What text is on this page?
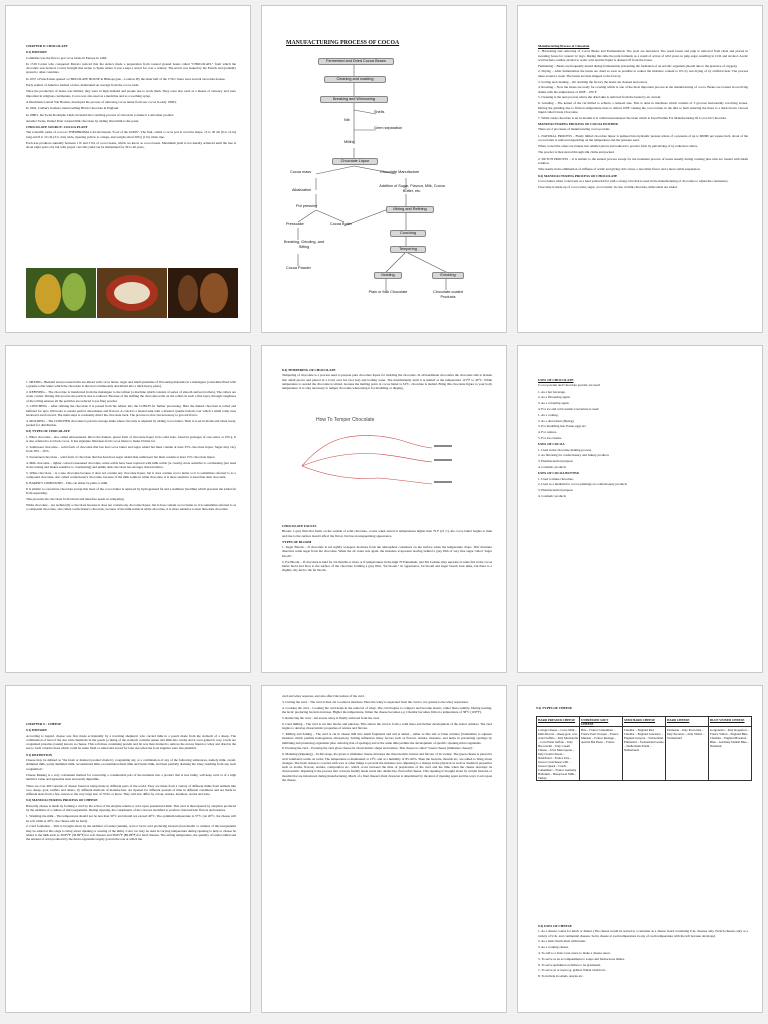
CHAPTER 8: CHOCOLATE
8.1) HISTORY

Columbus was the first to get cocoa beans in Europe in 1494.

In 1519 Cortez who conquered Mexico noticed that the Aztecs made a preparation from roasted ground beans called "CHOCOLATL" from which the chocolate was derived. Cortez brought this recipe to Spain where it was a kept a secret for over a century. The secret was leaked by the French and gradually spread to other countries.

In 1657 a French man opened a CHOCOLATE HOUSE in Bishops gate – London. By the latter half of the 17th C there were several chocolate houses.

Early settlers of America formed a labor, maintained an average from the cocoa trade.

Since the production of beans was limited, they were in high demand and people use to stock them. They were also used as a means of currency and were important in religious ceremonies. Cocoa was also used as a medicine and as a soothing syrup.

A Dutchman Conrad Van Houten, developed the process of removing cocoa butter from raw cocoa in early 1800's.

In 1842, Cadbury brothers started selling Block Chocolate in England.

In 1880's, the Swiss Rodolphe Lindt, invented the Conching process of chocolate to make it a smoother product.

Another Swiss, Daniel Peter created milk chocolate by adding dried milk to the paste.

CHOCOLATE SOURCE: COCOA PLANT

The scientific name of cocoa is THEOBROMA CACAO means "food of the GODS". The fruit, called a cocoa pod is ovoid in shape, 15 to 30 cm (6 to 12 in) long and 8 to 10 cm (3 to 4 in) wide, ripening yellow to orange, and weighs about 500 g (1 lb) when ripe.

Each tree produces annually between 1 lb and 3 lbs of cocoa beans, which we know as cocoa beans. Maximum yield is not usually achieved until the tree is about eight years old, but with proper care this yield can be maintained for 30 to 40 years.

MANUFACTURING PROCESS OF COCOA
Fermented and Dried Cocoa Beans
Cleaning and roasting
Breaking and Winnowing
Shells
Nib
Germ separation
Milling
Chocolate Liquor
Cocoa mass	Chocolate Manufacture
Alkalization
Addition of Sugar, Flavour, Milk, Cocoa Butter, etc.
Pot pressing
Mixing and Refining
Presscake	Cocoa Butter
Conching
Breaking, Grinding, and Sifting	Tempering
Cocoa Powder
Molding	Enrobing
Plain or Milk Chocolate	Chocolate-coated Products
Manufacturing Process of Chocolate
1. Harvesting and removing of Cocoa Beans and Fermentation: The pods are harvested. The seeds beans and pulp is removed from rinds and placed in sweating boxes for around 12 days. During this time the pulp ferments as a result of action of wild yeast on pulp sugar resulting in CO2 and alcohol. Acetic acid bacteria oxidize alcohol to acetic acid and the liquid is drained off from the boxes.
Fermenting – Beans are frequently turned during fermentation preventing the formation of an aerobic organism (mould due to the presence of oxygen).
2. Drying – After fermentation the beans are dried as soon as possible to reduce the moisture content to 6% by sun drying of by artificial heat. The process takes around a week. The beans are then shipped to the factory.
3. Sorting and cleaning – On reaching the factory the beans are cleaned and sorted.
4. Roasting – Now the beans are ready for roasting which is one of the most important process in the manufacturing of cocoa. Beans are roasted in revolving drums with the temperature of 200F – 250 F.
5. Cleaning is the next process where the dried skin is removed from the beans by air current.
6. Grinding – The kernel of the cut milled to achieve a reduced size. This is done in machines which consists of 3 grooves horizontally revolving stones. During the grinding due to friction temperature rises to almost 100F causing the cocoa butter in the nibs to melt reducing the mass to a thick brown viscous liquid called Crude Chocolate.
7. While crude chocolate is set in moulds it is called unsweetened chocolate which is Used Further For Manufacturing Of Cocoa Or Chocolate.
MANUFACTURING PROCESS OF COCOA POWDER

There are 2 processes of manufacturing cocoa powder.

1. NATURAL PROCESS – Finely milled chocolate liquor is pumped into hydraulic presses where of a pressure of up to 6000lb per square inch, about of the cocoa butter is removed depending on the temperature and the pressure used.

When cooled the cakes are broken into smaller pieces and reduced to powder form by pulverising of by reduction rollers.

The powder is then sieved through silk cloths and packed.

2. DUTCH PROCESS – It is similar to the natural process except for the treatment process of beans usually during roasting plus nibs are treated with alkali solution.

This results in the elimination of stiffness of acidic and giving rich colour, a less bitter flavor and a more stable suspension.

8.2) MANUFACTURING PROCESS OF CHOCOLATE

Cocoa butter when cooled sets as a hard yellowish fat with a strong odor that is used in the manufacturing of chocolate to adjust the consistency.

Chocolate is made up of cocoa solid, sugar, cocoa butter. In case of milk chocolate, milk solids are added.

1. MIXING– Blended and processed nibs are mixed with cocoa butter, sugar and small quantities of flavouring materials in a melangeur (a machine fitted with a granite roller under which the chocolate is directed continuously and mixed into a thick heavy paste).
2. REFINING – The chocolate is transferred from the melangeur to the refiner (a machine which consists of series of smooth surfaced rollers). The rollers are water cooled. During this process the particle size is reduced. Because of the shifting the chocolate trails on the rollers in such a fine layer, through roughness of the rolling ensures all the particles are reduced to (as fine) powder.
3. CONCHING – After refining the chocolate it is passed from the refiner into the CONCH for further processing. Here the melted chocolate is rolled and buffeted for upto 100 hours to ensure perfect smoothness and flavour. A conch is a heated tank with a massive granite bottom over which a small roller runs backward and forward. The main steps is constantly direct the chocolate back. The process is slow but necessary to get real flavor.
4. MOLDING – The CONCHED chocolate is put into storage tanks where viscosity is adjusted by adding cocoa butter. Then it is set in molds and when ready, packed for distribution.
8.3) TYPES OF CHOCOLATE
1. Bitter chocolate – also called unsweetened, this is the darkest, purest form of chocolate liquor in its solid state, found in packages of one-ounce or 250 g. It is also referred to as block cocoa. It has signature bitterness from cocoa butter to make it bitter fat.
2. Semisweet chocolate – solid form of chocolate that has had cocoa butter and sugar added but must contain at least 35% chocolate liquor. Sugar may vary from 30% – 50%.
3. Sweetened chocolate – solid form of chocolate that has had more sugar added than semisweet but must contain at least 15% chocolate liquor.
4. Milk chocolate – lighter colored sweetened chocolate, some solids have been replaced with milk solids (or cream), more sensitive to overheating (not used in decorating and makes sensitive to overheating) and unlike dark chocolate has stronger characteristics.
5. White chocolate – is a true chocolate because it does not contain any chocolate liquor, but it does contain cocoa butter so it is sometimes referred to as a compound chocolate, also called confectioner's chocolate, because of the milk solids in white chocolate, it is more sensitive to heat than dark chocolate.
6. BAKER'S COMPOUND – This can either be plain or milk.
It is similar to couverture chocolate except that most of the cocoa butter is replaced by hydrogenated fat and a stabilizer (lecithin) which prevents the added fat from separating.
This prevents the chocolate from bloom and therefore needs no tempering.
White chocolate – not technically a chocolate because it does not contain any chocolate liquor, but it does contain cocoa butter so it is sometimes referred to as a compound chocolate, also called confectioner's chocolate, because of the milk solids in white chocolate, it is more sensitive to heat than dark chocolate.
8.4) TEMPERING OF CHOCOLATE

Tempering of chocolate is a process used to prepare pure chocolate liquor for molding the chocolate. In all handmade chocolates the chocolate slab is broken into small pieces and placed in a bowl over hot (not hot) and boiling water. The intermittently until it is melted at the temperature 115°F to 40°C. While temperature to ascend the chocolate is stirred, because the melting point of cocoa butter is 34°C, chocolate is melted. Bring this chocolate figure to your body temperature. It is only necessary to temper chocolate when using it for moulding or dipping.

How To Temper Chocolate
CHOCOLATE FAULTS

Bloom: a grey film that forms on the outside of solid chocolate, occurs when stored at temperatures higher than 70 F (21 C), the cocoa butter begins to melt and rise to the surface doesn't affect the flavor, but has an unappetizing appearance.

TYPES OF BLOOM
1. Sugar Bloom – If chocolate is not tightly wrapped, moisture from the atmosphere condenses on the surface when the temperature drops. This moisture dissolves some sugar from the chocolate. When the air water sets again, the moisture evaporates leaving behind a grey film of very fine sugar called "sugar bloom".
2. Fat Bloom – If chocolate is held for six months or more or if temperatures in the high 70 Fahrenheit, just 30s Celsius, they separate at some fats in the cocoa butter mold and float to the surface of the chocolate forming a grey film, "fat bloom." In appearance, fat bloom and sugar bloom look alike, but there is a slightly oily feel to the fat bloom.
USES OF CHOCOLATE

Cocoa powder and Chocolate powder are used:

1. As a hot beverage.
2. As a flavouring agent.
3. As a colouring agent.
4. For ice and cold creams Couverture is used:
1. As a coating.
2. As a decoration (Piping).
3. For moulding into Easter eggs etc.
4. For centres.
5. For ice-creams.
USES OF COCOA
1. Used in the chocolate making process
2. As flavoring for confectionery and bakery products
3. Pharmaceutical purpose
4. Cosmetic products
USES OF COCOA BUTTER
1. Used to make chocolate.
2. Used as a medium for cocoa paintings on confectionery products
3. Pharmaceutical purpose
4. Cosmetic products
CHAPTER 9 – CHEESE
9.1) HISTORY

According to legend, cheese was first made accidentally by a traveling shepherd, who carried milk in a pouch made from the stomach of a sheep. The combination of heat of the sun with chemicals in the pouch (a lining of the stomach contains rennet and milk into curds) and it soon gained it way. Curds are coagulated proteins (casein) known as cheese. This soft mass containing protein and fat was then drained to remove the excess liquid or whey and dried in the sun to form a harder mass which could be eaten fresh or salted and stored for later use when the food supplies were less plentiful.

9.1) DEFINITION

Cheese may be defined as "the fresh or matured product made by coagulating any or a combination of any of the following substances, namely milk, cream, skimmed milk, partly skimmed milk, reconstituted milk, reconstituted dried milk and butter milk, and then partially draining the whey resulting from any such coagulation".

Cheese Making is a very convenient method for converting a considerable part of the nutrients into a product that is less bulky, will keep well, is of a high nutritive value and agreeable taste and easily digestible.

There are over 400 varieties of cheese found as being made in different parts of the world. They are made from a variety of different milks from animals like cow, sheep, goat, buffalo and others, by different methods of manufacture, are ripened for different periods of time in different conditions and are made in different sizes from a few ounces to the very large size of 70 lbs or more. They will also differ by colour, texture, hardness, aroma and taste.

9.2) MANUFACTURING PROCESS OF CHEESE

Basically cheese is made by forming a curd by the action of the enzyme rennin or acid, upon pasteurized milk. This curd is then ripened by enzymes produced by the addition of a culture of microorganisms. During ripening, the constituents of the curd are modified to produce characteristic flavors and textures.

1. Warming the milk – The temperature should not be less than 30°C and should not exceed 40°C. The optimum temperature is 37°C (At 20°C, the cheese will be soft while at 40°C, the cheese will be hard).
2. Curd formation – This is brought about by the addition of rennet (rennin), acid or lactic acid producing bacteria (lactobacilli or cultures of microorganisms may be added at this stage to bring about ripening or souring of the milk). Color too may be used in varying temperature during ripening to help or cheese be added to the milk such as 36.85°F (36.89°F) for soft cheeses and 36.85°F (86.98°F) for hard cheeses. The setting temperature, the quantity of rennet added and the amount of acid produced by the microorganisms largely govern the rate at which the

curd and whey separate, and also affect the texture of the curd.

3. Cutting the curd – The curd is then cut to remove moisture. Here the whey is separated from the curd to cut, greater is the whey separation.
4. Cooking the curd – Cooking the curd helps in the removal of whey. The curd begins to compact and become elastic, rather than crumbly. During heating, the lactic producing bacteria increase. Higher the temperature, firmer the cheese becomes e.g. Cheddar becomes firm at a temperature of 38°C (100°F).
5. Removing the curd – All excess whey is finally removed from the curd.
6. Curd milling – The curd is cut into blocks and piled up. This allows the curd to form a solid mass and further development of the starter cultures. The curd begins to develop characteristic properties of texture and flavour.
7. Milling and Salting – The curd is cut in cheese mill into small fragments and salt is added – either as fine salt or brine solution (Sometimes to squeeze moisture which permits homogenous absorption). Salting influences many factors such as flavour, texture, moisture, and helps in preventing spoilage by inhibiting and producing organisms (also reducing risk of spoilage) and at the same time permits the development of specific ripening microorganisms.
8. Pressing the curd – Pressing the curd gives cheese its characteristic shape and texture. This cheese is called "Green cheese (immature cheese)".
9. Maturing (Ripening) – In this stage, the green or immature cheese develops the characteristic texture and flavour of its variety. The green cheese is placed in well ventilated rooms on racks. The temperature is maintained at 13°C and at a humidity of 85–90%. Then the bacteria, moulds etc. are added to bring about changes. The fresh cheese is covered with wax or other things to prevent the moisture loss. Ripening is a change in the physical as well as chemical properties such as aroma, flavour, texture, composition etc. which occur between the time of preparation of the curd and the time when the cheese develops its characteristic. Ripening is the process that converts freshly made curds into distinctive, flavourful cheese. This ripening is brought about by certain bacteria or moulds that are introduced during manufacturing. Much of a final cheese's final character is determined by the kind of ripening agent and the ways it acts upon the cheese.
9.3) TYPES OF CHEESE
HARD PRESSED CHEESE	UNPRESSED SOFT CHEESE	SEMI HARD CHEESE	HARD CHEESE	BLUE VEINED CHEESE
Cottage Cheese – Cows Milk – India Ricotta – sheep,goat, cow, water buffalo – Italy Mozzarella – Cow/Water buffalo – Italy Bocconcini – Italy Cream Cheese – USA Mascarpone – Italy Cream Cheese – Neufchatel – France Feta – Greece Goatcheese with – Greece Quark – Czech Camembert – France Germany Halloumi – Sheep/Goat Milk – Turkey	Brie – France Camembert – France Pont l'eveque – France Munster – France Romage – Austria Bel Paese – France	Cheddar – England Red Cheddar – England Lancaster – England Gruyere – Switzerland Emmental – Switzerland Gouda – Netherlands Edam – Netherlands	Parmesan – Italy Provolone – Italy Pecorino – Italy Sbrinz – Switzerland	Gorgonzola – Italy Roquefort – France Stilton – England Blue Cheshire – England Bavarian Blue – Germany Danish Blue – Denmark
9.4) USES OF CHEESE
1. As a cheese course for lunch or dinner. (The cheese would be served to a customer as a cheese board containing U.K. cheeses only. French cheeses only or a variety of U.K. and continental cheeses. Serve cheese at room temperature in any of room temperature with the left because develops).
2. As a basic lunch meal with butter.
3. As a cooking cheese.
4. To add to a basic roux sauce to make a cheese sauce.
5. To serve as an accompaniment to soups and farinaceous dishes.
6. To serve sprinkled on dishes to be gratinated.
7. To serve as or used e.g. grilled. Welsh rarebit etc.
8. To include in salads, snacks etc.
